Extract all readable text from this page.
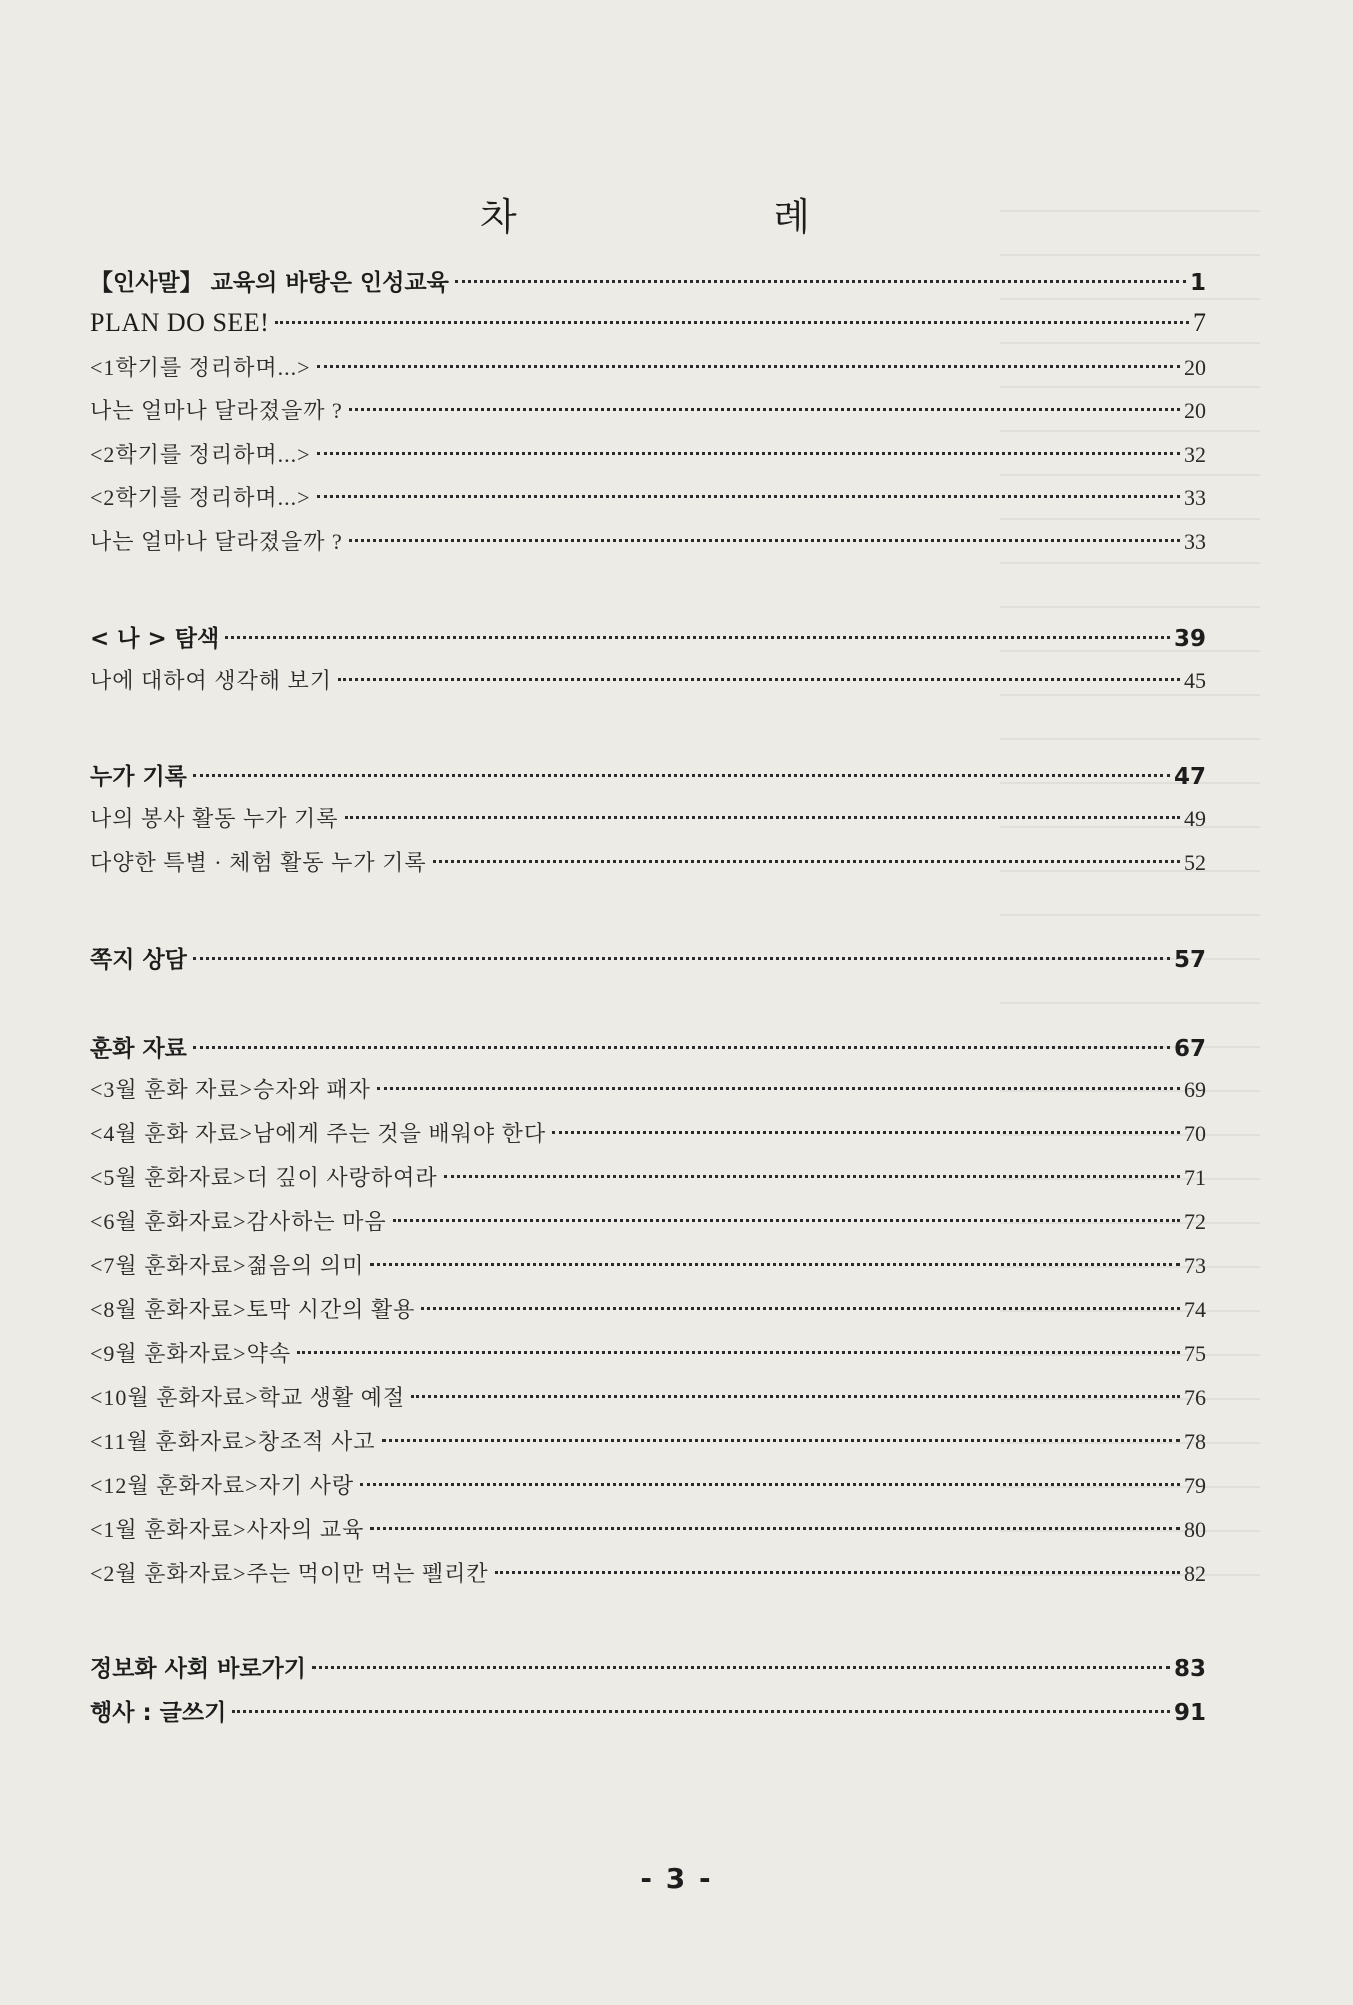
차	례
【인사말】 교육의 바탕은 인성교육	1
PLAN DO SEE!	7
<1학기를 정리하며...>	20
나는 얼마나 달라졌을까 ?	20
<2학기를 정리하며...>	32
<2학기를 정리하며...>	33
나는 얼마나 달라졌을까 ?	33
< 나 > 탐색	39
나에 대하여 생각해 보기	45
누가 기록	47
나의 봉사 활동 누가 기록	49
다양한 특별 · 체험 활동 누가 기록	52
쪽지 상담	57
훈화 자료	67
<3월 훈화 자료>승자와 패자	69
<4월 훈화 자료>남에게 주는 것을 배워야 한다	70
<5월 훈화자료>더 깊이 사랑하여라	71
<6월 훈화자료>감사하는 마음	72
<7월 훈화자료>젊음의 의미	73
<8월 훈화자료>토막 시간의 활용	74
<9월 훈화자료>약속	75
<10월 훈화자료>학교 생활 예절	76
<11월 훈화자료>창조적 사고	78
<12월 훈화자료>자기 사랑	79
<1월 훈화자료>사자의 교육	80
<2월 훈화자료>주는 먹이만 먹는 펠리칸	82
정보화 사회 바로가기	83
행사 : 글쓰기	91
- 3 -
